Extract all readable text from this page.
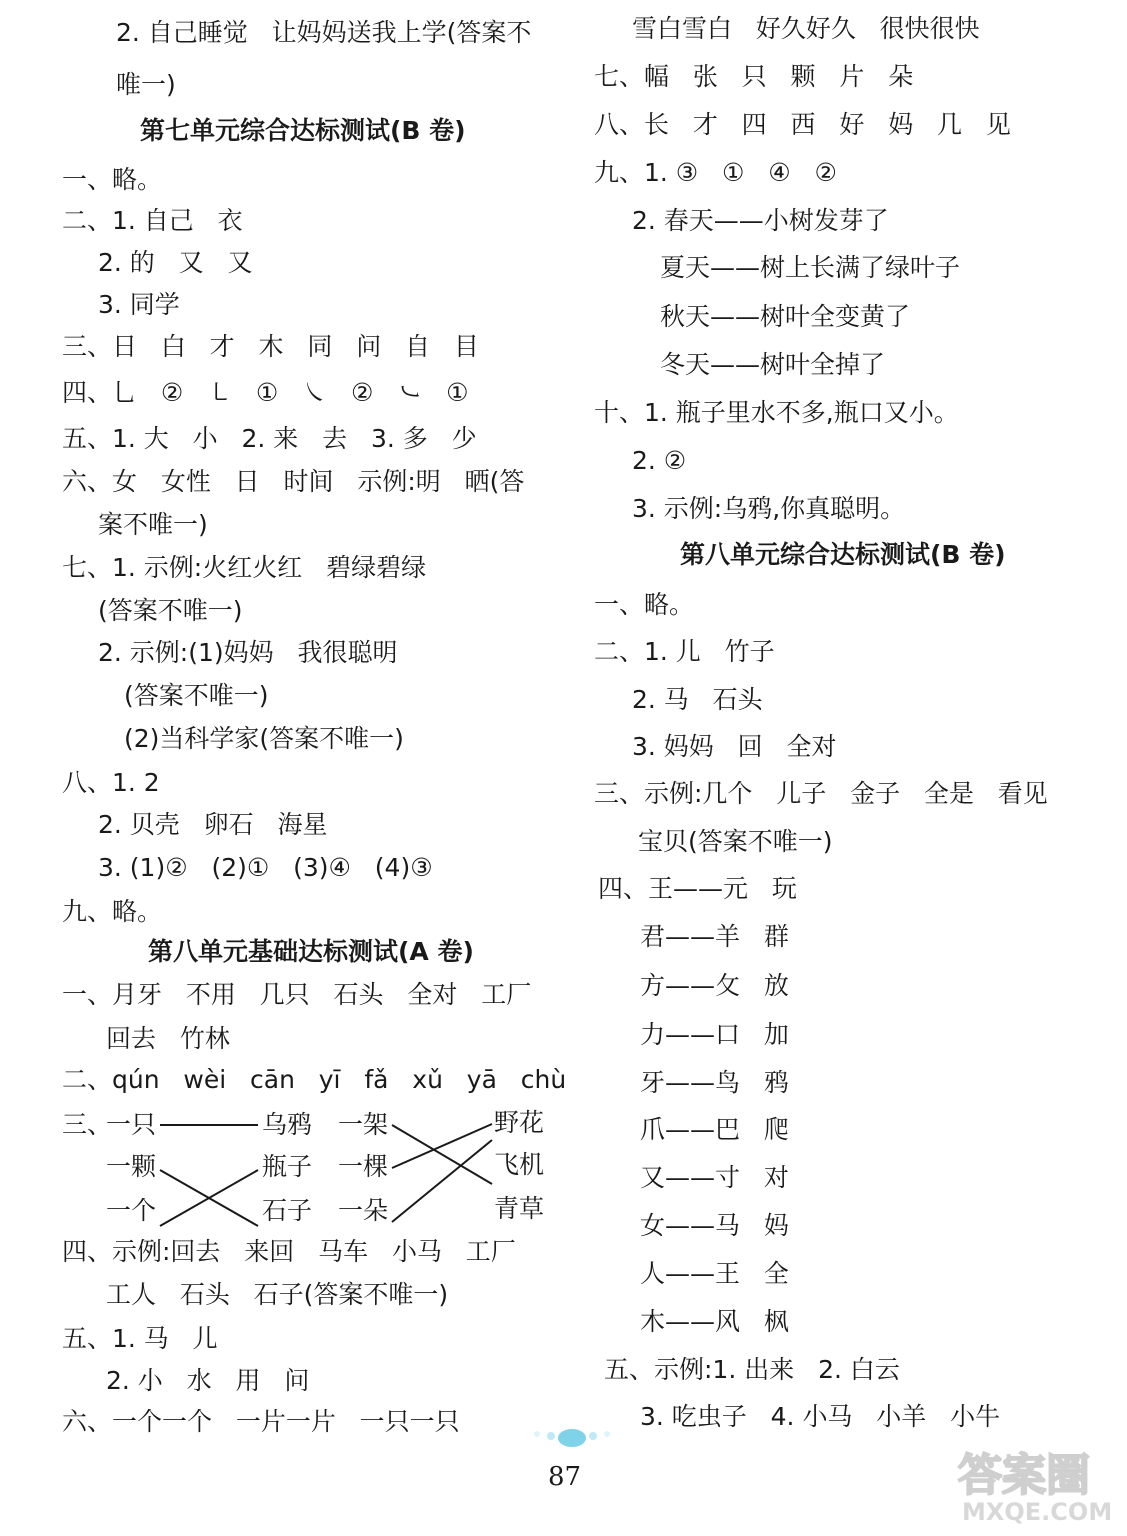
2. 自己睡觉   让妈妈送我上学(答案不
唯一)
第七单元综合达标测试(B 卷)
一、略。
二、1. 自己   衣
2. 的   又   又
3. 同学
三、日   白   才   木   同   问   自   目
四、乚   ②   ㇄   ①   ㇏   ②   ㇃   ①
五、1. 大   小   2. 来   去   3. 多   少
六、女   女性   日   时间   示例:明   晒(答
案不唯一)
七、1. 示例:火红火红   碧绿碧绿
(答案不唯一)
2. 示例:(1)妈妈   我很聪明
(答案不唯一)
(2)当科学家(答案不唯一)
八、1. 2
2. 贝壳   卵石   海星
3. (1)②   (2)①   (3)④   (4)③
九、略。
第八单元基础达标测试(A 卷)
一、月牙   不用   几只   石头   全对   工厂
回去   竹林
二、qún   wèi   cān   yī   fǎ   xǔ   yā   chù
三、
一只
一颗
一个
乌鸦
瓶子
石子
一架
一棵
一朵
野花
飞机
青草
四、示例:回去   来回   马车   小马   工厂
工人   石头   石子(答案不唯一)
五、1. 马   儿
2. 小   水   用   问
六、一个一个   一片一片   一只一只
雪白雪白   好久好久   很快很快
七、幅   张   只   颗   片   朵
八、长   才   四   西   好   妈   几   见
九、1. ③   ①   ④   ②
2. 春天——小树发芽了
夏天——树上长满了绿叶子
秋天——树叶全变黄了
冬天——树叶全掉了
十、1. 瓶子里水不多,瓶口又小。
2. ②
3. 示例:乌鸦,你真聪明。
第八单元综合达标测试(B 卷)
一、略。
二、1. 儿   竹子
2. 马   石头
3. 妈妈   回   全对
三、示例:几个   儿子   金子   全是   看见
宝贝(答案不唯一)
四、王——元   玩
君——羊   群
方——攵   放
力——口   加
牙——鸟   鸦
爪——巴   爬
又——寸   对
女——马   妈
人——王   全
木——风   枫
五、示例:1. 出来   2. 白云
3. 吃虫子   4. 小马   小羊   小牛
87	答案圈
MXQE.COM
